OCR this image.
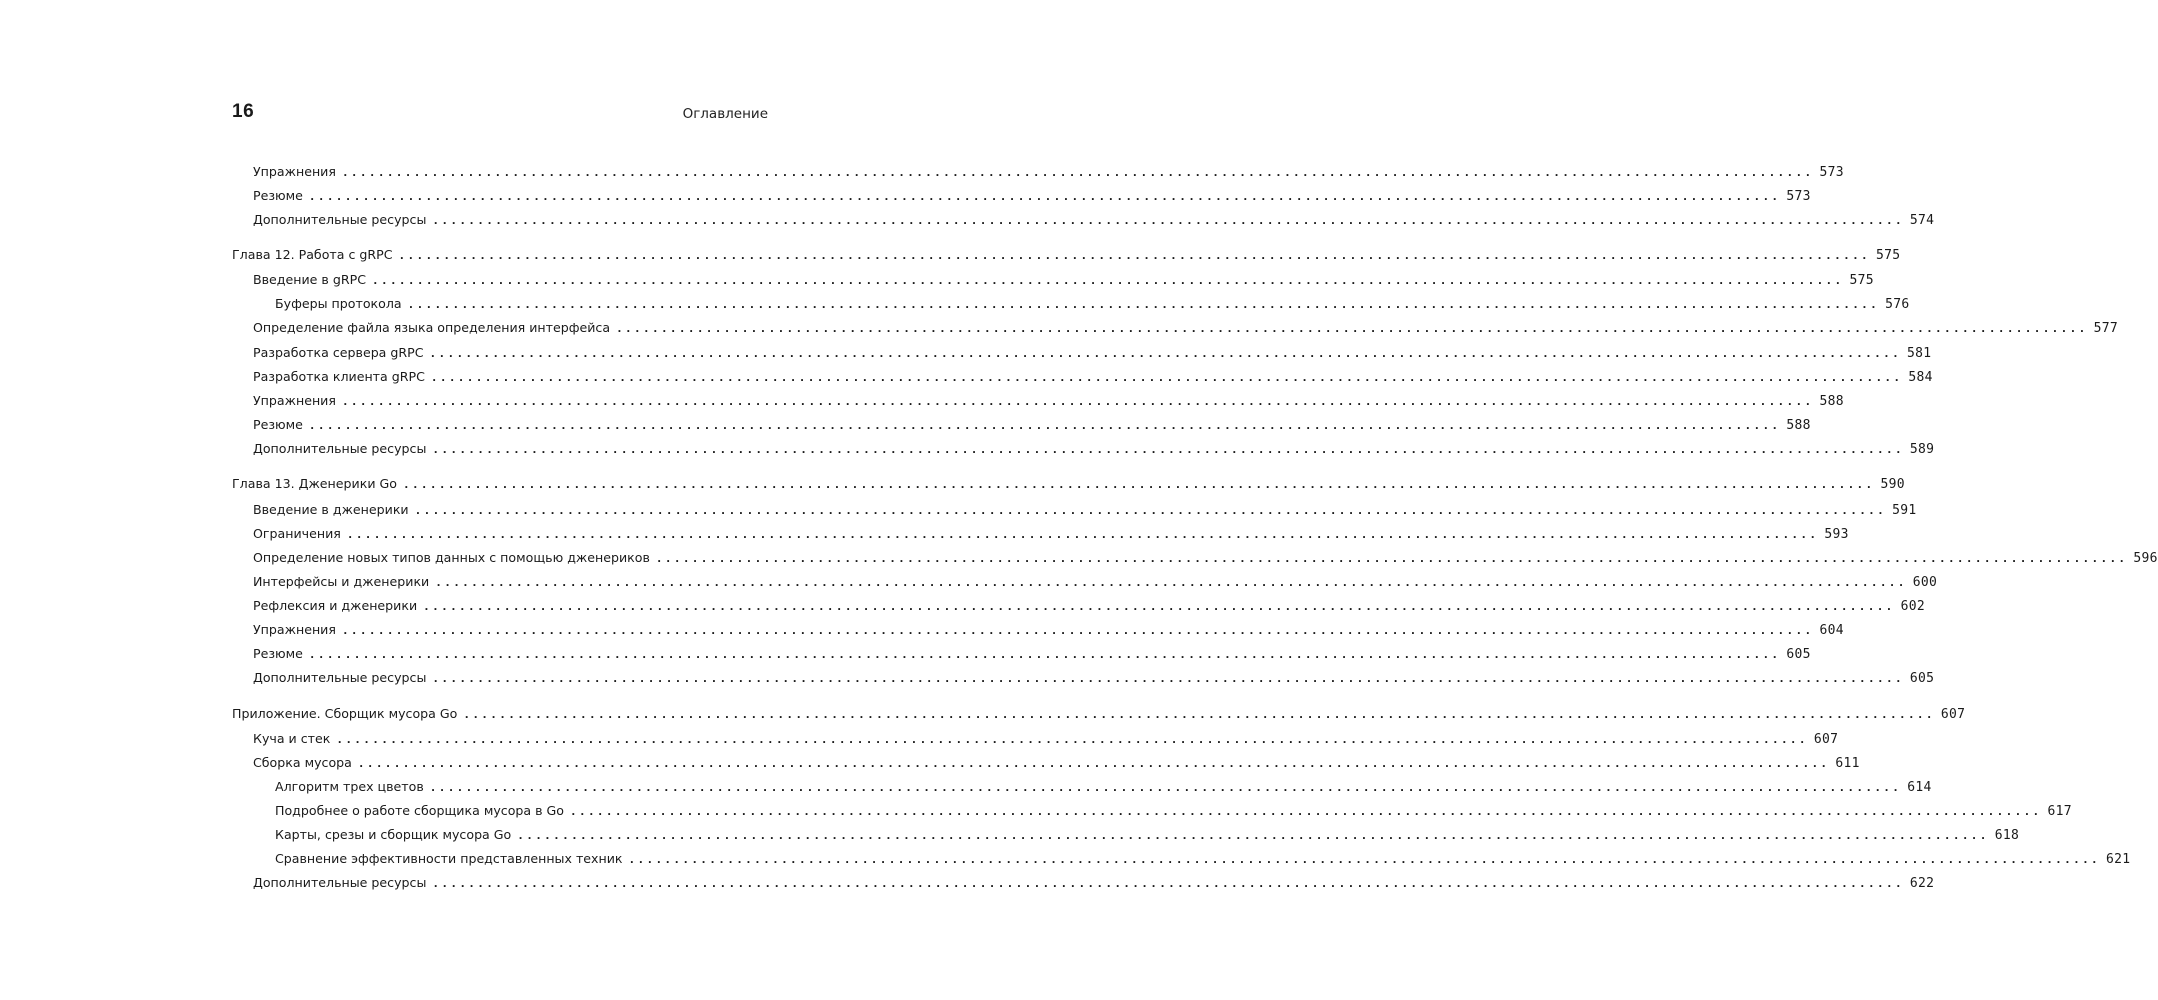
16	Оглавление
Упражнения .................................................................................................................................................................... 573
Резюме .................................................................................................................................................................... 573
Дополнительные ресурсы .................................................................................................................................................................... 574
Глава 12. Работа с gRPC .................................................................................................................................................................... 575
Введение в gRPC .................................................................................................................................................................... 575
Буферы протокола .................................................................................................................................................................... 576
Определение файла языка определения интерфейса .................................................................................................................................................................... 577
Разработка сервера gRPC .................................................................................................................................................................... 581
Разработка клиента gRPC .................................................................................................................................................................... 584
Упражнения .................................................................................................................................................................... 588
Резюме .................................................................................................................................................................... 588
Дополнительные ресурсы .................................................................................................................................................................... 589
Глава 13. Дженерики Go .................................................................................................................................................................... 590
Введение в дженерики .................................................................................................................................................................... 591
Ограничения .................................................................................................................................................................... 593
Определение новых типов данных с помощью дженериков .................................................................................................................................................................... 596
Интерфейсы и дженерики .................................................................................................................................................................... 600
Рефлексия и дженерики .................................................................................................................................................................... 602
Упражнения .................................................................................................................................................................... 604
Резюме .................................................................................................................................................................... 605
Дополнительные ресурсы .................................................................................................................................................................... 605
Приложение. Сборщик мусора Go .................................................................................................................................................................... 607
Куча и стек .................................................................................................................................................................... 607
Сборка мусора .................................................................................................................................................................... 611
Алгоритм трех цветов .................................................................................................................................................................... 614
Подробнее о работе сборщика мусора в Go .................................................................................................................................................................... 617
Карты, срезы и сборщик мусора Go .................................................................................................................................................................... 618
Сравнение эффективности представленных техник .................................................................................................................................................................... 621
Дополнительные ресурсы .................................................................................................................................................................... 622
